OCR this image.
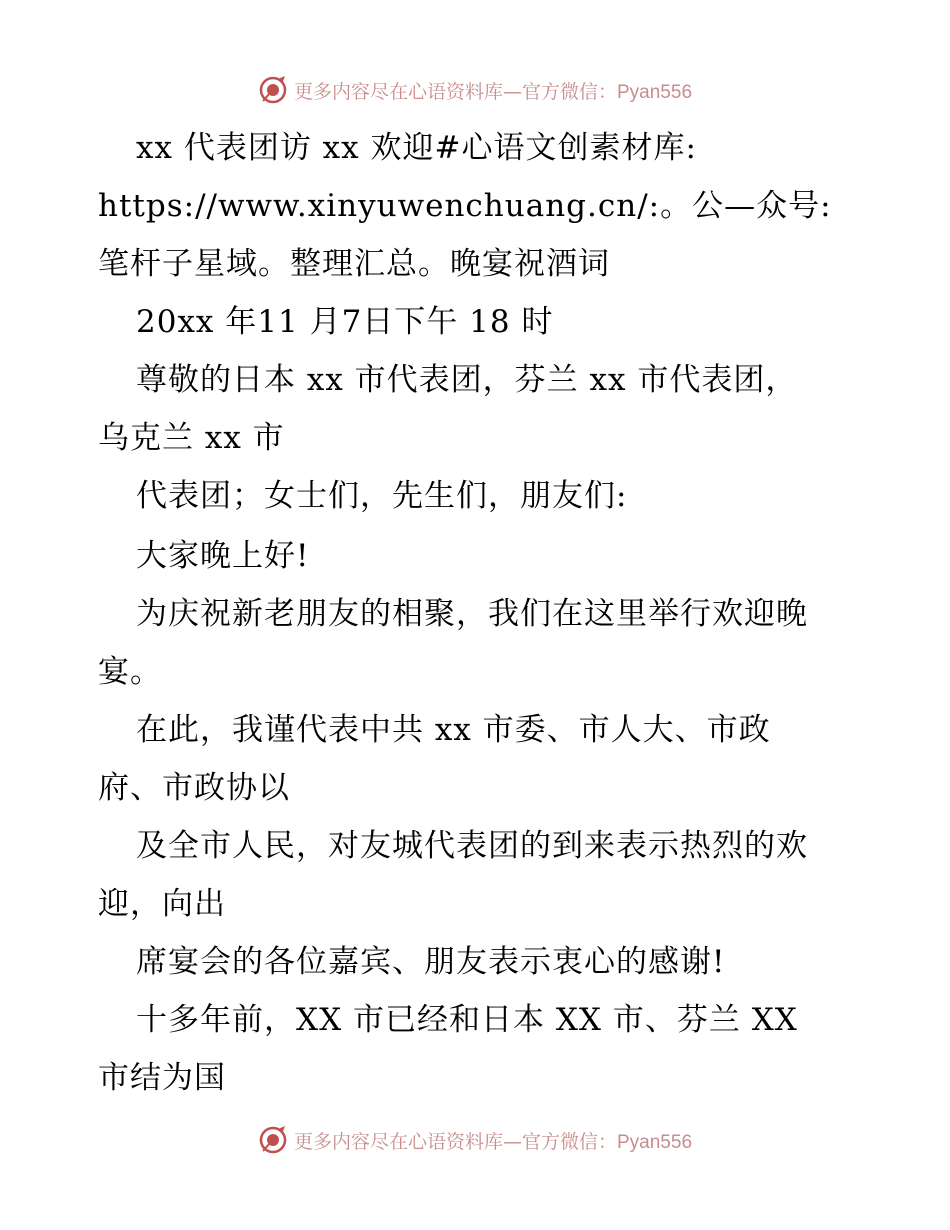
更多内容尽在心语资料库—官方微信：Pyan556
xx 代表团访 xx 欢迎#心语文创素材库:
https://www.xinyuwenchuang.cn/:。公—众号:
笔杆子星域。整理汇总。晚宴祝酒词
20xx 年11 月7日下午 18 时
尊敬的日本 xx 市代表团，芬兰 xx 市代表团，
乌克兰 xx 市
代表团；女士们，先生们，朋友们:
大家晚上好!
为庆祝新老朋友的相聚，我们在这里举行欢迎晚
宴。
在此，我谨代表中共 xx 市委、市人大、市政
府、市政协以
及全市人民，对友城代表团的到来表示热烈的欢
迎，向出
席宴会的各位嘉宾、朋友表示衷心的感谢!
十多年前，XX 市已经和日本 XX 市、芬兰 XX
市结为国
更多内容尽在心语资料库—官方微信：Pyan556
